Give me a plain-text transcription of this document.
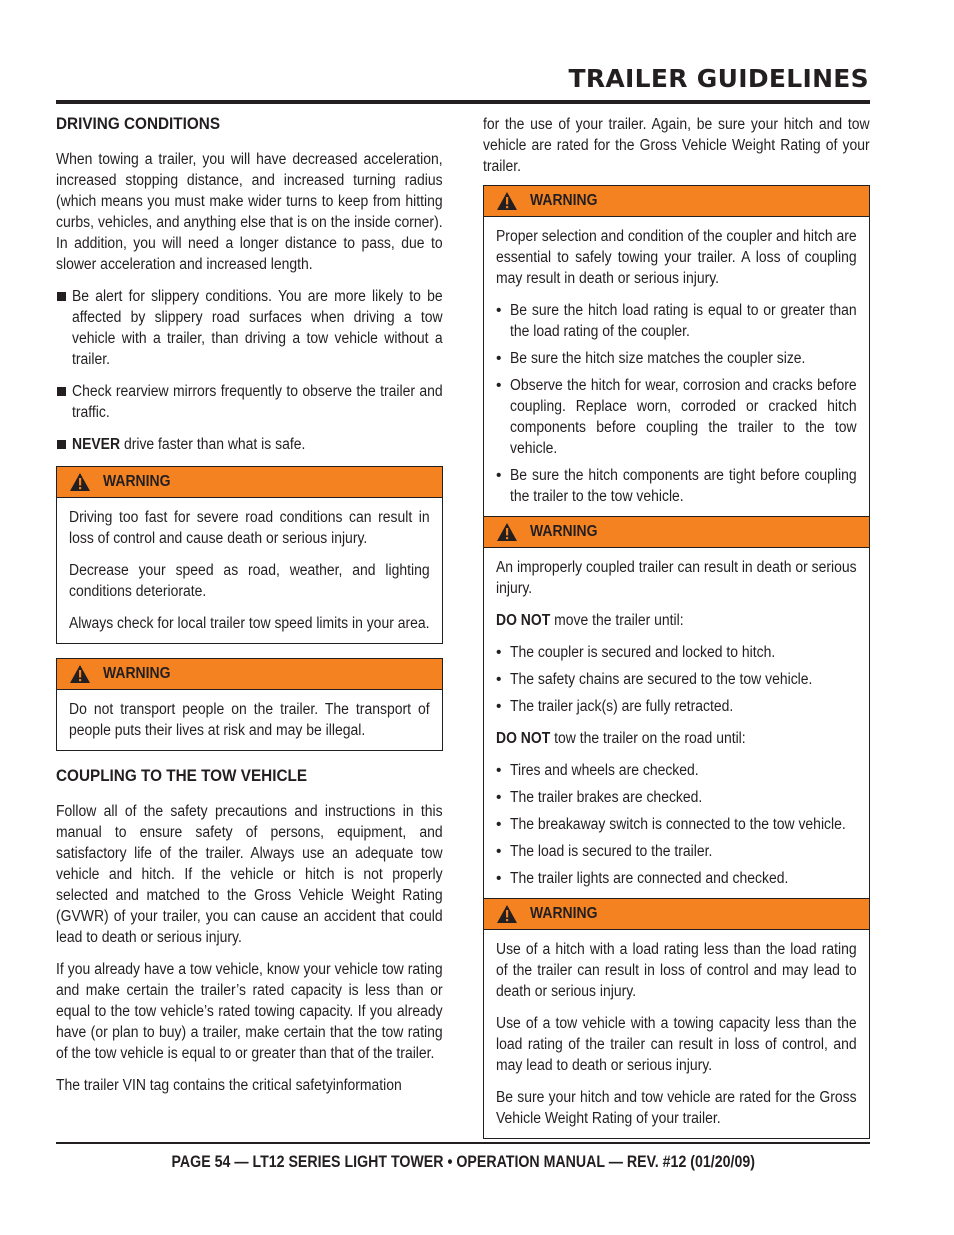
TRAILER GUIDELINES
DRIVING CONDITIONS

When towing a trailer, you will have decreased acceleration, increased stopping distance, and increased turning radius (which means you must make wider turns to keep from hitting curbs, vehicles, and anything else that is on the inside corner). In addition, you will need a longer distance to pass, due to slower acceleration and increased length.

Be alert for slippery conditions. You are more likely to be affected by slippery road surfaces when driving a tow vehicle with a trailer, than driving a tow vehicle without a trailer.

Check rearview mirrors frequently to observe the trailer and traffic.

NEVER drive faster than what is safe.

WARNING

Driving too fast for severe road conditions can result in loss of control and cause death or serious injury.

Decrease your speed as road, weather, and lighting conditions deteriorate.

Always check for local trailer tow speed limits in your area.

WARNING

Do not transport people on the trailer. The transport of people puts their lives at risk and may be illegal.

COUPLING TO THE TOW VEHICLE

Follow all of the safety precautions and instructions in this manual to ensure safety of persons, equipment, and satisfactory life of the trailer. Always use an adequate tow vehicle and hitch. If the vehicle or hitch is not properly selected and matched to the Gross Vehicle Weight Rating (GVWR) of your trailer, you can cause an accident that could lead to death or serious injury.

If you already have a tow vehicle, know your vehicle tow rating and make certain the trailer’s rated capacity is less than or equal to the tow vehicle’s rated towing capacity. If you already have (or plan to buy) a trailer, make certain that the tow rating of the tow vehicle is equal to or greater than that of the trailer.

The trailer VIN tag contains the critical safetyinformation

for the use of your trailer. Again, be sure your hitch and tow vehicle are rated for the Gross Vehicle Weight Rating of your trailer.

WARNING

Proper selection and condition of the coupler and hitch are essential to safely towing your trailer. A loss of coupling may result in death or serious injury.

• Be sure the hitch load rating is equal to or greater than the load rating of the coupler.

• Be sure the hitch size matches the coupler size.

• Observe the hitch for wear, corrosion and cracks before coupling. Replace worn, corroded or cracked hitch components before coupling the trailer to the tow vehicle.

• Be sure the hitch components are tight before coupling the trailer to the tow vehicle.

WARNING

An improperly coupled trailer can result in death or serious injury.

DO NOT move the trailer until:

• The coupler is secured and locked to hitch.

• The safety chains are secured to the tow vehicle.

• The trailer jack(s) are fully retracted.

DO NOT tow the trailer on the road until:

• Tires and wheels are checked.

• The trailer brakes are checked.

• The breakaway switch is connected to the tow vehicle.

• The load is secured to the trailer.

• The trailer lights are connected and checked.

WARNING

Use of a hitch with a load rating less than the load rating of the trailer can result in loss of control and may lead to death or serious injury.

Use of a tow vehicle with a towing capacity less than the load rating of the trailer can result in loss of control, and may lead to death or serious injury.

Be sure your hitch and tow vehicle are rated for the Gross Vehicle Weight Rating of your trailer.

PAGE 54 — LT12 SERIES LIGHT TOWER • OPERATION MANUAL — REV. #12 (01/20/09)
